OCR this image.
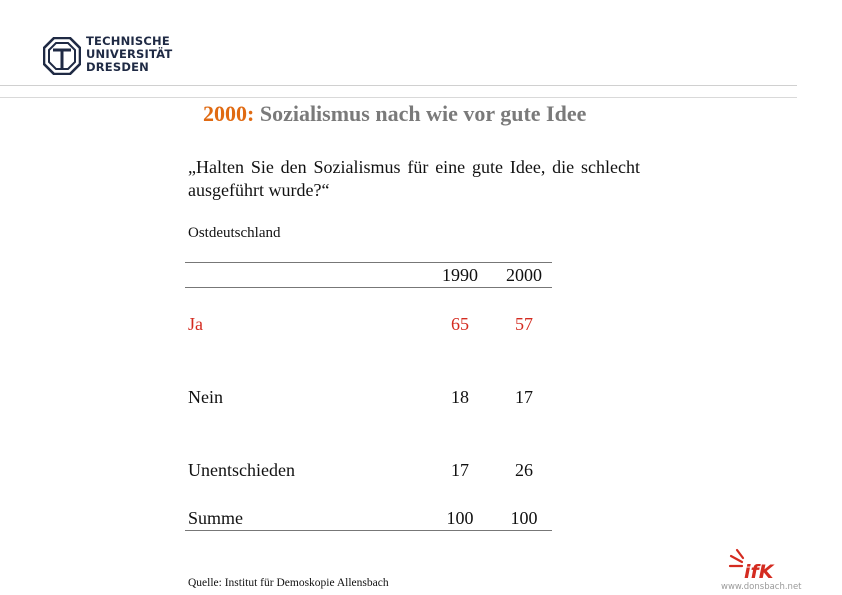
TECHNISCHE
UNIVERSITÄT
DRESDEN
2000: Sozialismus nach wie vor gute Idee
„Halten Sie den Sozialismus für eine gute Idee, die schlecht ausgeführt wurde?“
Ostdeutschland
1990	2000
Ja	65	57
Nein	18	17
Unentschieden	17	26
Summe	100	100
Quelle: Institut für Demoskopie Allensbach	ifK
www.donsbach.net
